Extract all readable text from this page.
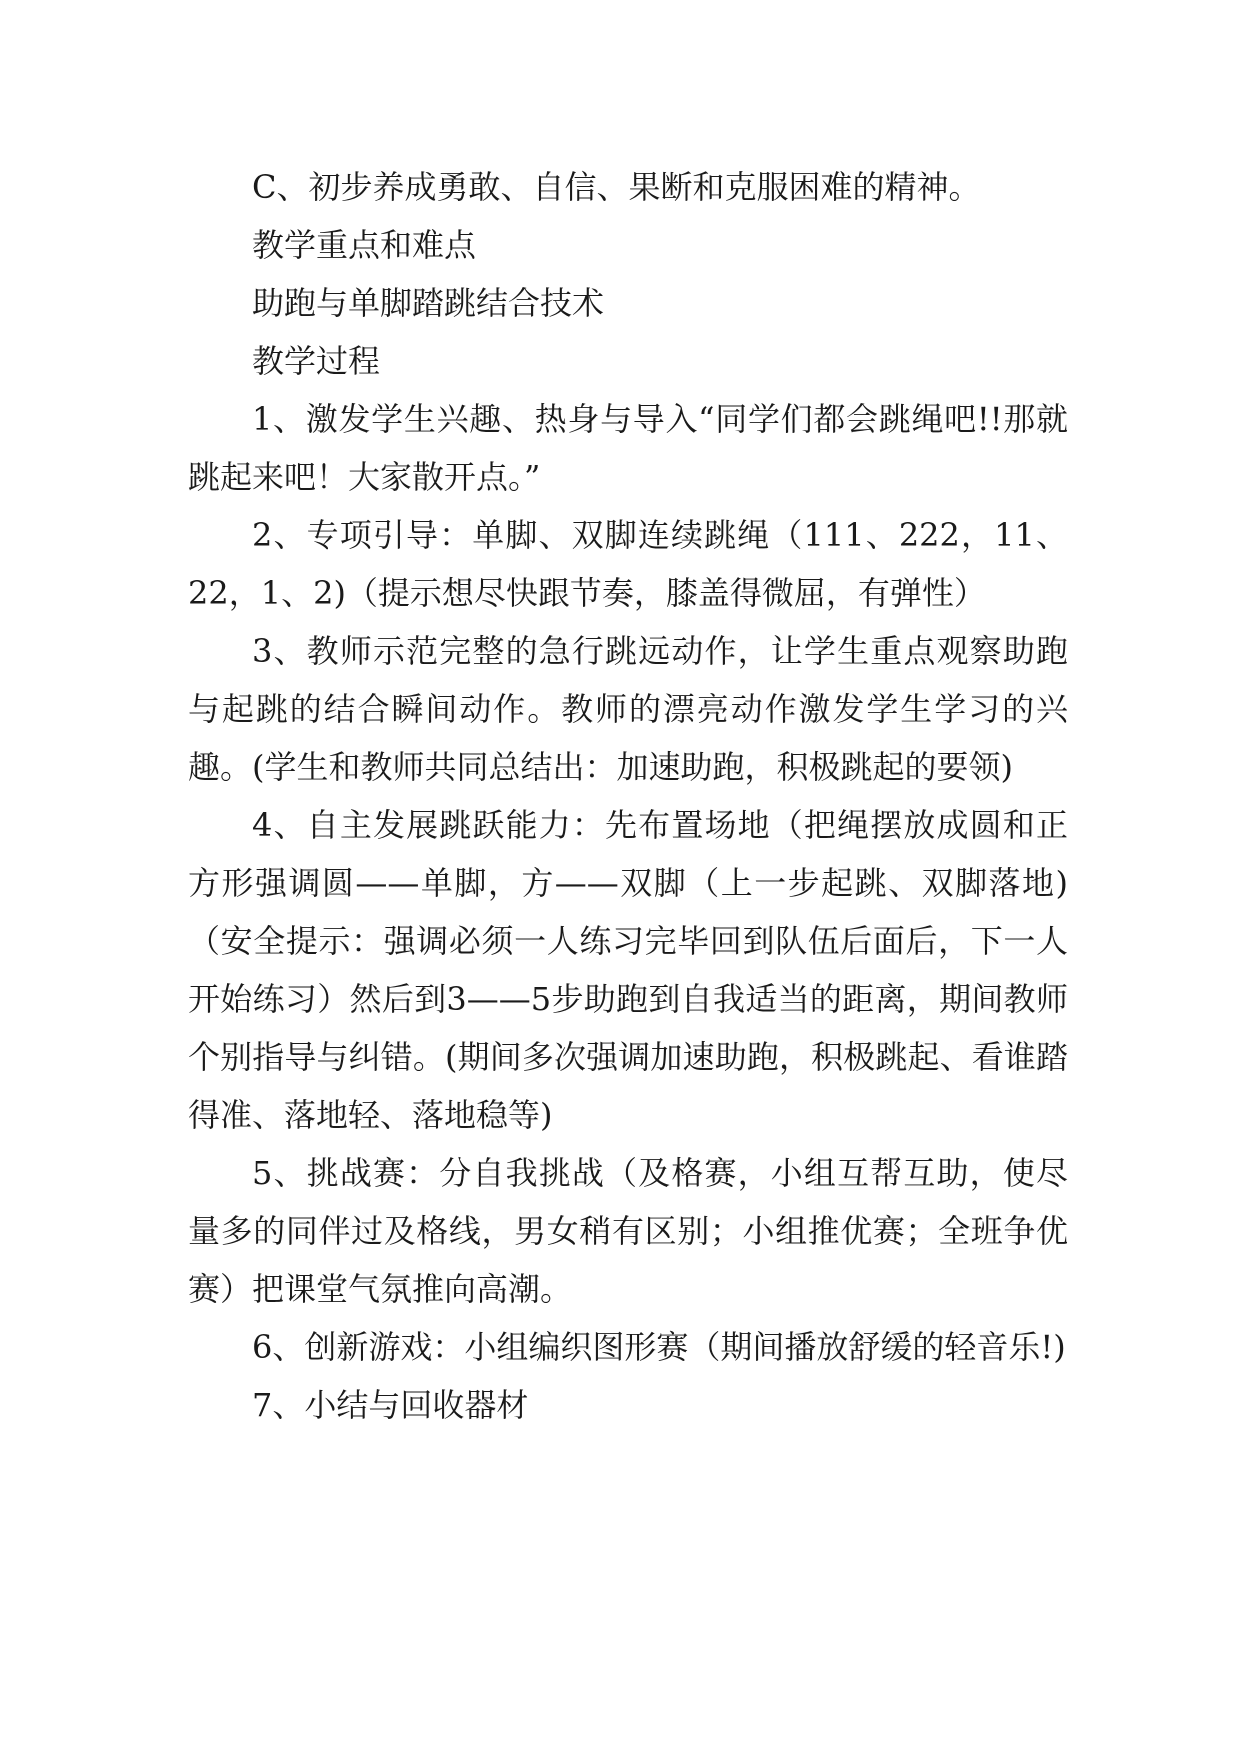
C、初步养成勇敢、自信、果断和克服困难的精神。

教学重点和难点

助跑与单脚踏跳结合技术

教学过程

1、激发学生兴趣、热身与导入“同学们都会跳绳吧!!那就跳起来吧！大家散开点。”

2、专项引导：单脚、双脚连续跳绳（111、222，11、22，1、2)（提示想尽快跟节奏，膝盖得微屈，有弹性）

3、教师示范完整的急行跳远动作，让学生重点观察助跑与起跳的结合瞬间动作。教师的漂亮动作激发学生学习的兴趣。(学生和教师共同总结出：加速助跑，积极跳起的要领)

4、自主发展跳跃能力：先布置场地（把绳摆放成圆和正方形强调圆——单脚，方——双脚（上一步起跳、双脚落地)（安全提示：强调必须一人练习完毕回到队伍后面后，下一人开始练习）然后到3——5步助跑到自我适当的距离，期间教师个别指导与纠错。(期间多次强调加速助跑，积极跳起、看谁踏得准、落地轻、落地稳等)

5、挑战赛：分自我挑战（及格赛，小组互帮互助，使尽量多的同伴过及格线，男女稍有区别；小组推优赛；全班争优赛）把课堂气氛推向高潮。

6、创新游戏：小组编织图形赛（期间播放舒缓的轻音乐!)

7、小结与回收器材
